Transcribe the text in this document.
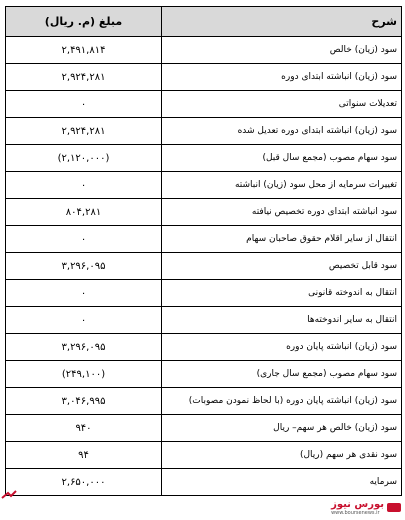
شرح	مبلغ (م. ریال)
سود (زیان) خالص	۲,۴۹۱,۸۱۴
سود (زیان) انباشته ابتدای دوره	۲,۹۲۴,۲۸۱
تعدیلات سنواتی	۰
سود (زیان) انباشته ابتدای دوره تعدیل شده	۲,۹۲۴,۲۸۱
سود سهام مصوب (مجمع سال قبل)	(۲,۱۲۰,۰۰۰)
تغییرات سرمایه از محل سود (زیان) انباشته	۰
سود انباشته ابتدای دوره تخصیص نیافته	۸۰۴,۲۸۱
انتقال از سایر اقلام حقوق صاحبان سهام	۰
سود قابل تخصیص	۳,۲۹۶,۰۹۵
انتقال به اندوخته قانونی	۰
انتقال به سایر اندوخته‌ها	۰
سود (زیان) انباشته پایان دوره	۳,۲۹۶,۰۹۵
سود سهام مصوب (مجمع سال جاری)	(۲۴۹,۱۰۰)
سود (زیان) انباشته پایان دوره (با لحاظ نمودن مصوبات)	۳,۰۴۶,۹۹۵
سود (زیان) خالص هر سهم– ریال	۹۴۰
سود نقدی هر سهم (ریال)	۹۴
سرمایه	۲,۶۵۰,۰۰۰
بورس نیوز
www.boursenews.ir
